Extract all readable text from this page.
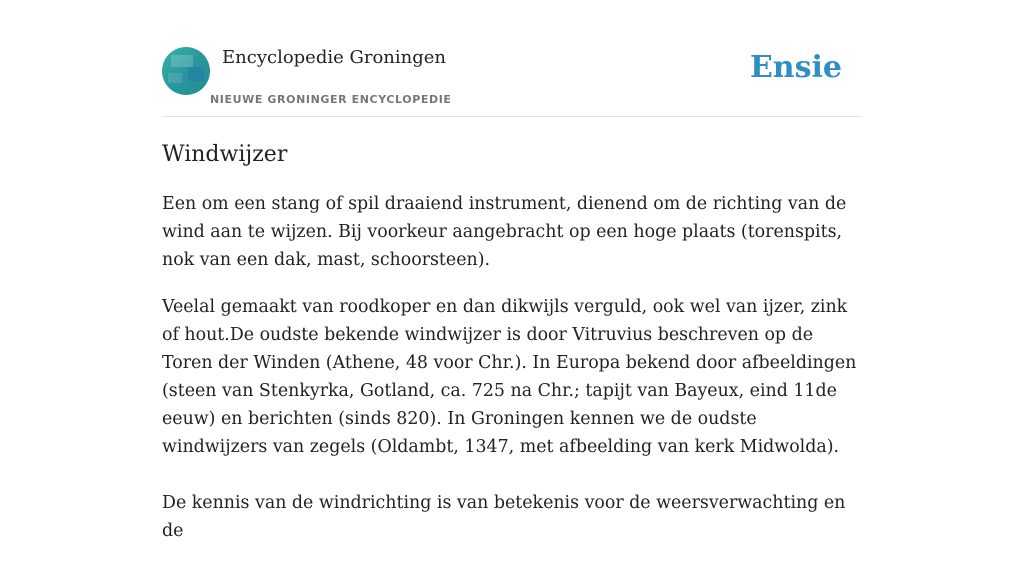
Encyclopedie Groningen
NIEUWE GRONINGER ENCYCLOPEDIE
Ensie
Windwijzer

Een om een stang of spil draaiend instrument, dienend om de richting van de wind aan te wijzen. Bij voorkeur aangebracht op een hoge plaats (torenspits, nok van een dak, mast, schoorsteen).

Veelal gemaakt van roodkoper en dan dikwijls verguld, ook wel van ijzer, zink of hout.De oudste bekende windwijzer is door Vitruvius beschreven op de Toren der Winden (Athene, 48 voor Chr.). In Europa bekend door afbeeldingen (steen van Stenkyrka, Gotland, ca. 725 na Chr.; tapijt van Bayeux, eind 11de eeuw) en berichten (sinds 820). In Groningen kennen we de oudste windwijzers van zegels (Oldambt, 1347, met afbeelding van kerk Midwolda).

De kennis van de windrichting is van betekenis voor de weersverwachting en de
